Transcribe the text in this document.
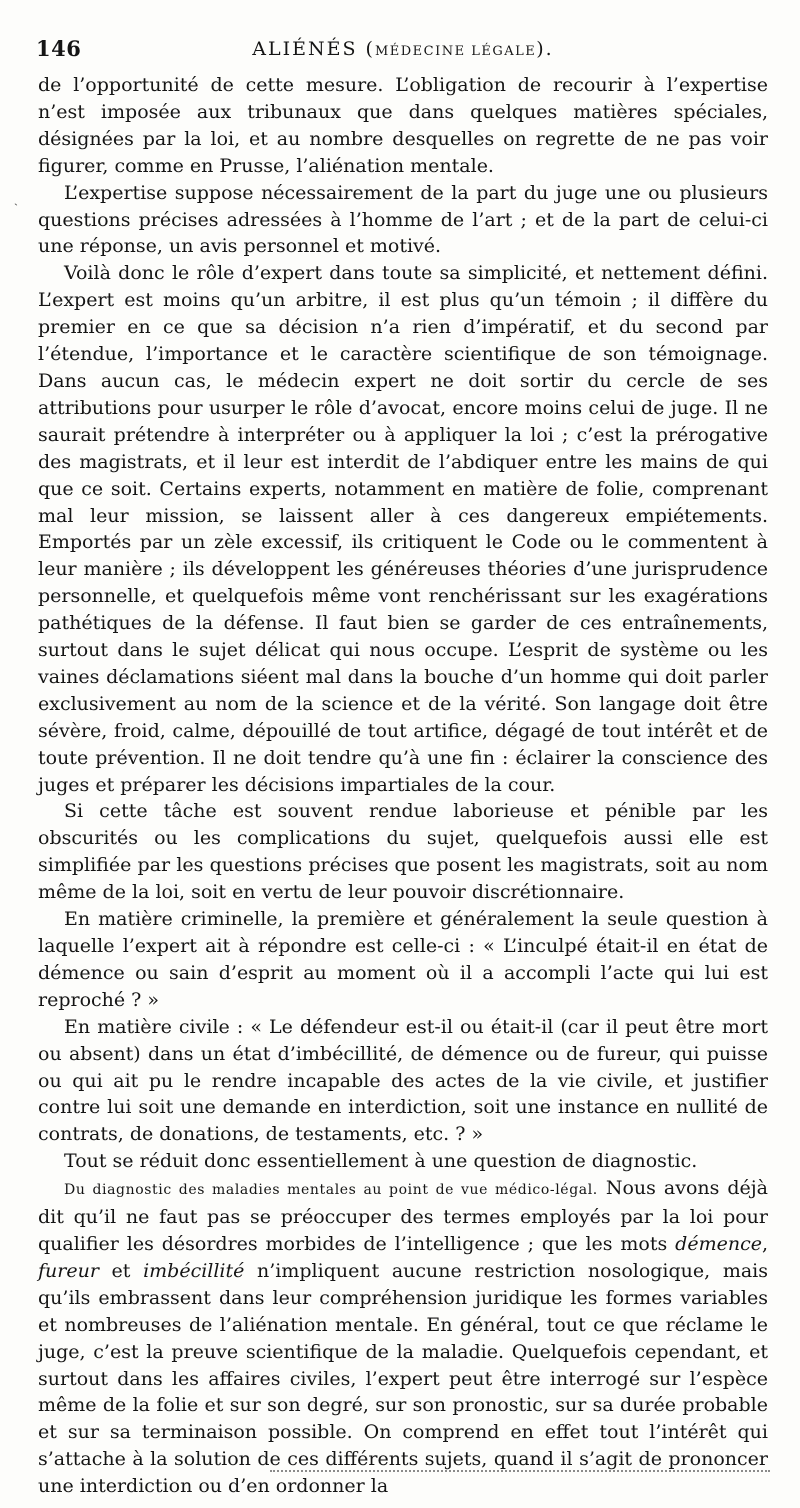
146	ALIÉNÉS (MÉDECINE LÉGALE).
ˎ

de l’opportunité de cette mesure. L’obligation de recourir à l’expertise n’est imposée aux tribunaux que dans quelques matières spéciales, désignées par la loi, et au nombre desquelles on regrette de ne pas voir figurer, comme en Prusse, l’aliénation mentale.

L’expertise suppose nécessairement de la part du juge une ou plusieurs questions précises adressées à l’homme de l’art ; et de la part de celui-ci une réponse, un avis personnel et motivé.

Voilà donc le rôle d’expert dans toute sa simplicité, et nettement défini. L’expert est moins qu’un arbitre, il est plus qu’un témoin ; il diffère du premier en ce que sa décision n’a rien d’impératif, et du second par l’étendue, l’importance et le caractère scientifique de son témoignage. Dans aucun cas, le médecin expert ne doit sortir du cercle de ses attributions pour usurper le rôle d’avocat, encore moins celui de juge. Il ne saurait prétendre à interpréter ou à appliquer la loi ; c’est la prérogative des magistrats, et il leur est interdit de l’abdiquer entre les mains de qui que ce soit. Certains experts, notamment en matière de folie, comprenant mal leur mission, se laissent aller à ces dangereux empiétements. Emportés par un zèle excessif, ils critiquent le Code ou le commentent à leur manière ; ils développent les généreuses théories d’une jurisprudence personnelle, et quelquefois même vont renchérissant sur les exagérations pathétiques de la défense. Il faut bien se garder de ces entraînements, surtout dans le sujet délicat qui nous occupe. L’esprit de système ou les vaines déclamations siéent mal dans la bouche d’un homme qui doit parler exclusivement au nom de la science et de la vérité. Son langage doit être sévère, froid, calme, dépouillé de tout artifice, dégagé de tout intérêt et de toute prévention. Il ne doit tendre qu’à une fin : éclairer la conscience des juges et préparer les décisions impartiales de la cour.

Si cette tâche est souvent rendue laborieuse et pénible par les obscurités ou les complications du sujet, quelquefois aussi elle est simplifiée par les questions précises que posent les magistrats, soit au nom même de la loi, soit en vertu de leur pouvoir discrétionnaire.

En matière criminelle, la première et généralement la seule question à laquelle l’expert ait à répondre est celle-ci : « L’inculpé était-il en état de démence ou sain d’esprit au moment où il a accompli l’acte qui lui est reproché ? »

En matière civile : « Le défendeur est-il ou était-il (car il peut être mort ou absent) dans un état d’imbécillité, de démence ou de fureur, qui puisse ou qui ait pu le rendre incapable des actes de la vie civile, et justifier contre lui soit une demande en interdiction, soit une instance en nullité de contrats, de donations, de testaments, etc. ? »

Tout se réduit donc essentiellement à une question de diagnostic.

Du diagnostic des maladies mentales au point de vue médico-légal. Nous avons déjà dit qu’il ne faut pas se préoccuper des termes employés par la loi pour qualifier les désordres morbides de l’intelligence ; que les mots démence, fureur et imbécillité n’impliquent aucune restriction nosologique, mais qu’ils embrassent dans leur compréhension juridique les formes variables et nombreuses de l’aliénation mentale. En général, tout ce que réclame le juge, c’est la preuve scientifique de la maladie. Quelquefois cependant, et surtout dans les affaires civiles, l’expert peut être interrogé sur l’espèce même de la folie et sur son degré, sur son pronostic, sur sa durée probable et sur sa terminaison possible. On comprend en effet tout l’intérêt qui s’attache à la solution de ces différents sujets, quand il s’agit de prononcer une interdiction ou d’en ordonner la
